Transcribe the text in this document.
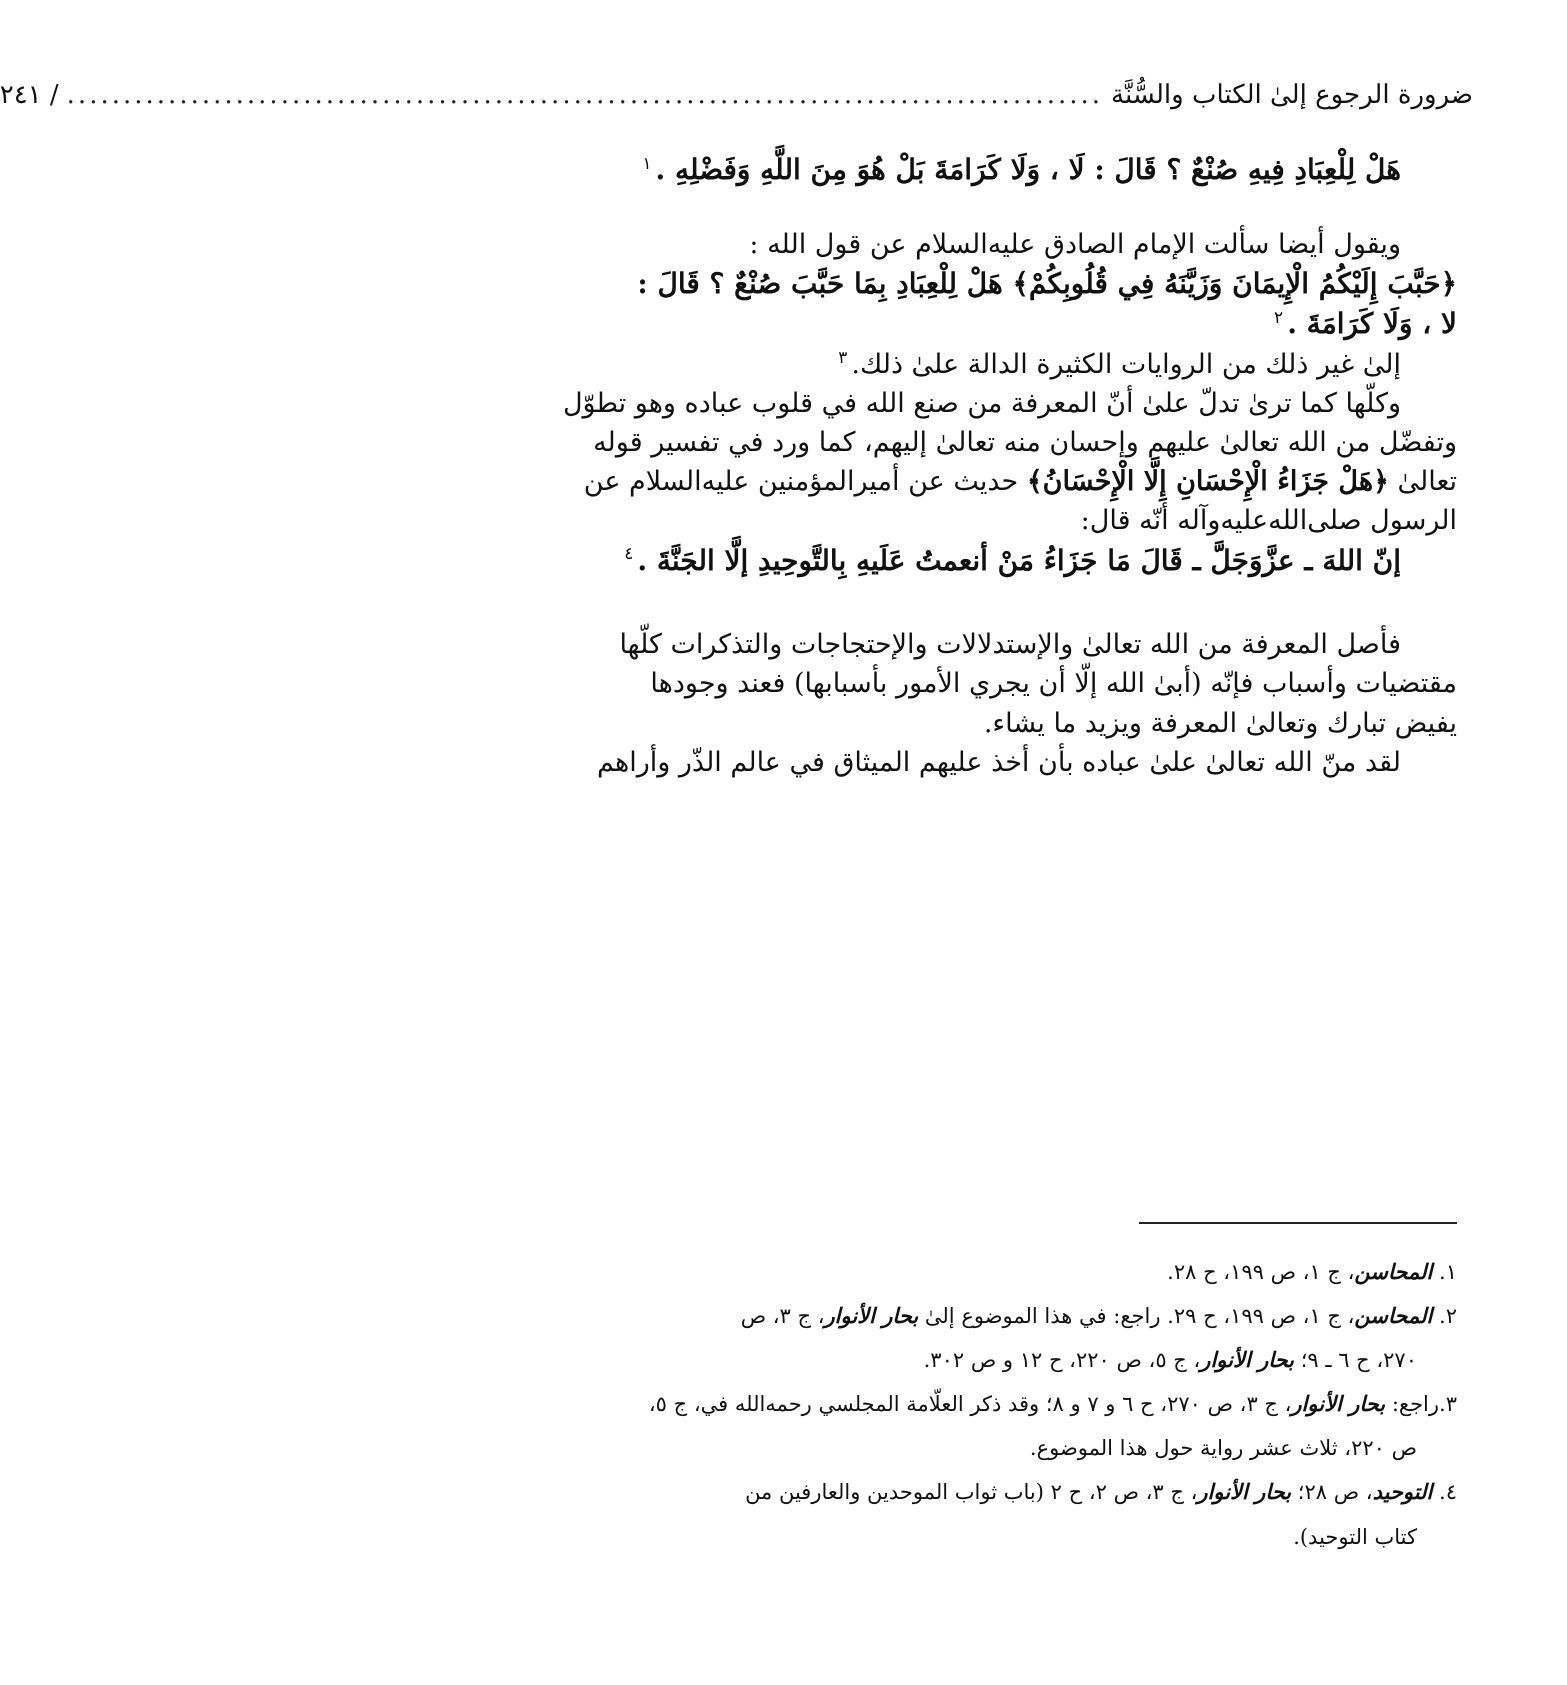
ضرورة الرجوع إلىٰ الكتاب والسُّنَّة
............................................................................................
/ ٢٤١

هَلْ لِلْعِبَادِ فِيهِ صُنْعٌ ؟ قَالَ : لَا ، وَلَا كَرَامَةَ بَلْ هُوَ مِنَ اللَّهِ وَفَضْلِهِ .$^١$

ويقول أيضا سألت الإمام الصادق عليه‌السلام عن قول الله :

﴿حَبَّبَ إِلَيْكُمُ الْإِيمَانَ وَزَيَّنَهُ فِي قُلُوبِكُمْ﴾ هَلْ لِلْعِبَادِ بِمَا حَبَّبَ صُنْعٌ ؟ قَالَ :

لا ، وَلَا كَرَامَةَ .$^٢$

إلىٰ غير ذلك من الروايات الكثيرة الدالة علىٰ ذلك.$^٣$

وكلّها كما ترىٰ تدلّ علىٰ أنّ المعرفة من صنع الله في قلوب عباده وهو تطوّل

وتفضّل من الله تعالىٰ عليهم وإحسان منه تعالىٰ إليهم، كما ورد في تفسير قوله

تعالىٰ ﴿هَلْ جَزَاءُ الْإِحْسَانِ إِلَّا الْإِحْسَانُ﴾ حديث عن أميرالمؤمنين عليه‌السلام عن

الرسول صلى‌الله‌عليه‌وآله أنّه قال:

إنّ اللهَ ـ عزَّوَجَلَّ ـ قَالَ مَا جَزَاءُ مَنْ أنعمتُ عَلَيهِ بِالتَّوحِيدِ إلَّا الجَنَّةَ .$^٤$

فأصل المعرفة من الله تعالىٰ والإستدلالات والإحتجاجات والتذكرات كلّها

مقتضيات وأسباب فإنّه (أبىٰ الله إلّا أن يجري الأمور بأسبابها) فعند وجودها

يفيض تبارك وتعالىٰ المعرفة ويزيد ما يشاء.

لقد منّ الله تعالىٰ علىٰ عباده بأن أخذ عليهم الميثاق في عالم الذّر وأراهم

١. المحاسن، ج ١، ص ١٩٩، ح ٢٨.

٢. المحاسن، ج ١، ص ١٩٩، ح ٢٩. راجع: في هذا الموضوع إلىٰ بحار الأنوار، ج ٣، ص
٢٧٠، ح ٦ ـ ٩؛ بحار الأنوار، ج ٥، ص ٢٢٠، ح ١٢ و ص ٣٠٢.

٣.راجع: بحار الأنوار، ج ٣، ص ٢٧٠، ح ٦ و ٧ و ٨؛ وقد ذكر العلّامة المجلسي رحمه‌الله في، ج ٥،
ص ٢٢٠، ثلاث عشر رواية حول هذا الموضوع.

٤. التوحيد، ص ٢٨؛ بحار الأنوار، ج ٣، ص ٢، ح ٢ (باب ثواب الموحدين والعارفين من
كتاب التوحيد).
